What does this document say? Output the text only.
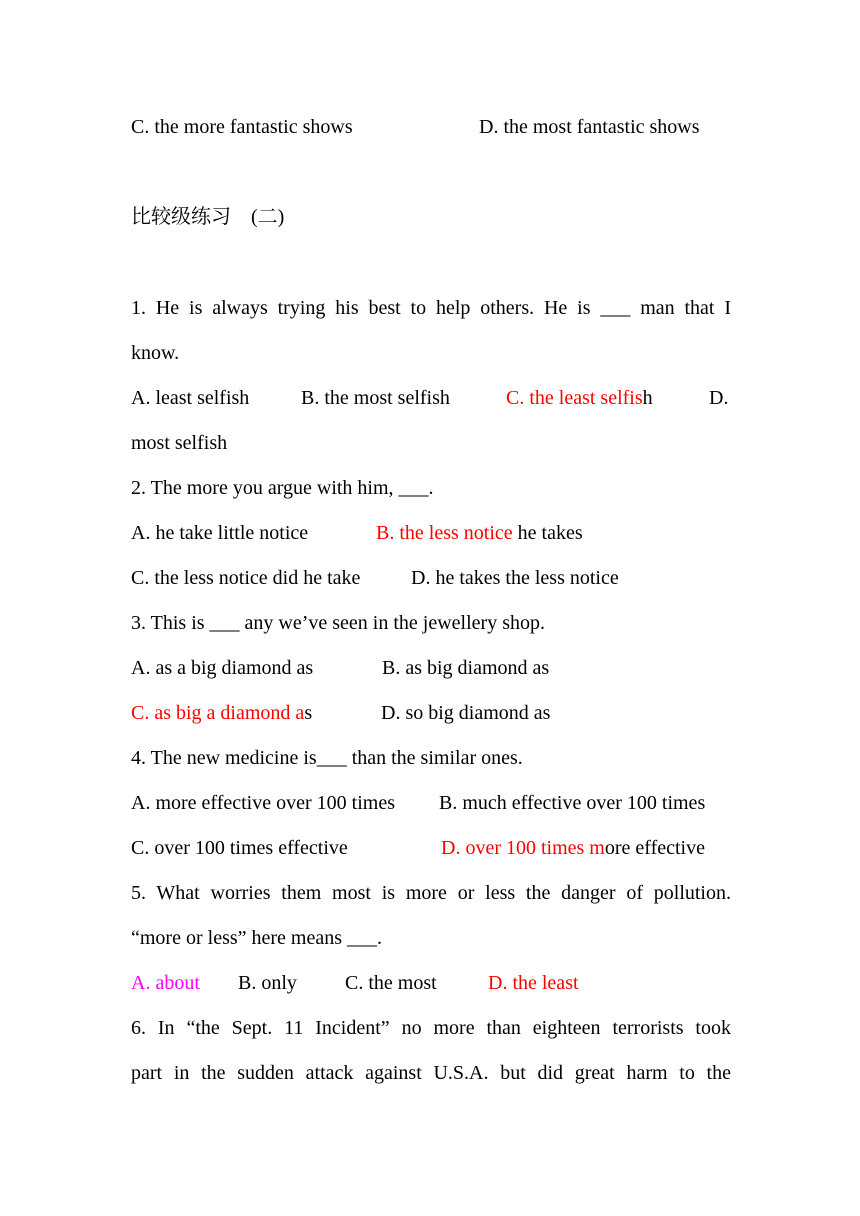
C. the more fantastic shows	D. the most fantastic shows
比较级练习　(二)
1. He is always trying his best to help others. He is ___ man that I
know.
A. least selfish	B. the most selfish	C. the least selfish	D.
most selfish
2. The more you argue with him, ___.
A. he take little notice	B. the less notice he takes
C. the less notice did he take	D. he takes the less notice
3. This is ___ any we’ve seen in the jewellery shop.
A. as a big diamond as	B. as big diamond as
C. as big a diamond as	D. so big diamond as
4. The new medicine is___ than the similar ones.
A. more effective over 100 times B. much effective over 100 times
C. over 100 times effective	D. over 100 times more effective
5. What worries them most is more or less the danger of pollution.
“more or less” here means ___.
A. about B. only C. the most	D. the least
6. In “the Sept. 11 Incident” no more than eighteen terrorists took
part in the sudden attack against U.S.A. but did great harm to the
